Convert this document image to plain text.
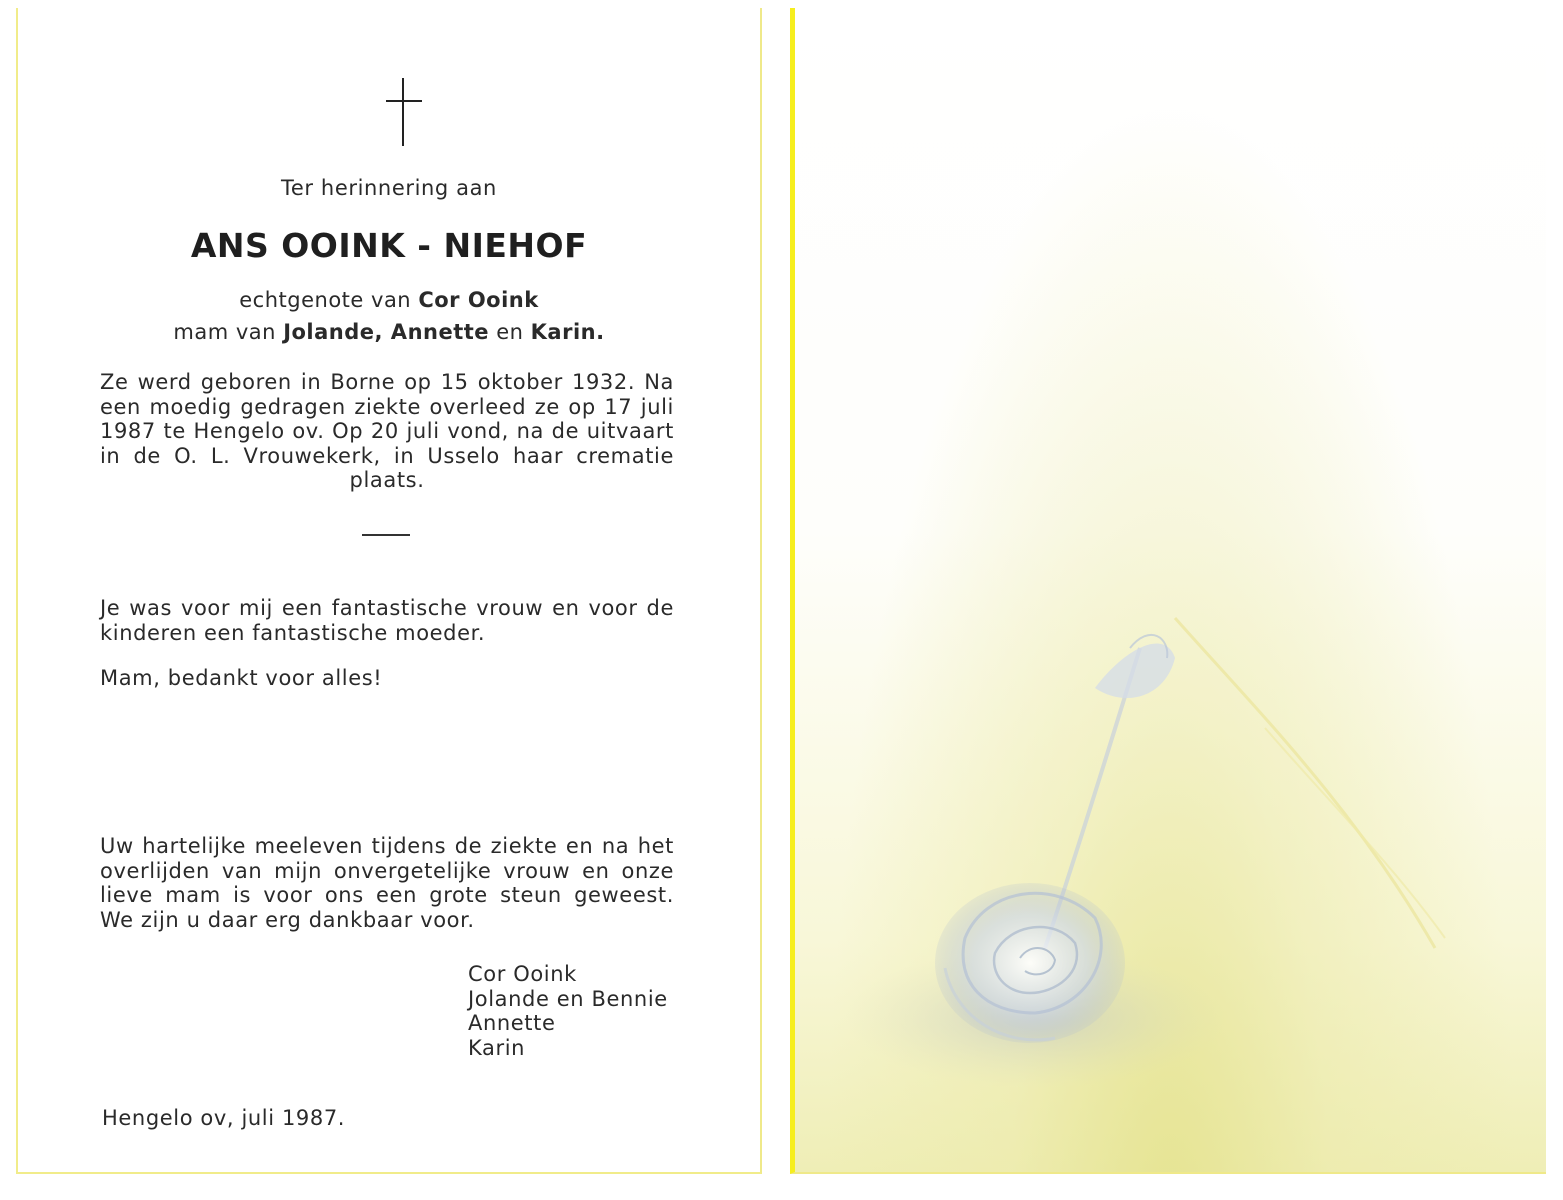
Ter herinnering aan

ANS OOINK - NIEHOF

echtgenote van Cor Ooink

mam van Jolande, Annette en Karin.

Ze werd geboren in Borne op 15 oktober 1932. Na een moedig gedragen ziekte overleed ze op 17 juli 1987 te Hengelo ov. Op 20 juli vond, na de uitvaart in de O. L. Vrouwekerk, in Usselo haar crematie plaats.

Je was voor mij een fantastische vrouw en voor de kinderen een fantastische moeder.

Mam, bedankt voor alles!

Uw hartelijke meeleven tijdens de ziekte en na het overlijden van mijn onvergetelijke vrouw en onze lieve mam is voor ons een grote steun geweest. We zijn u daar erg dankbaar voor.

Cor Ooink
Jolande en Bennie
Annette
Karin

Hengelo ov, juli 1987.
